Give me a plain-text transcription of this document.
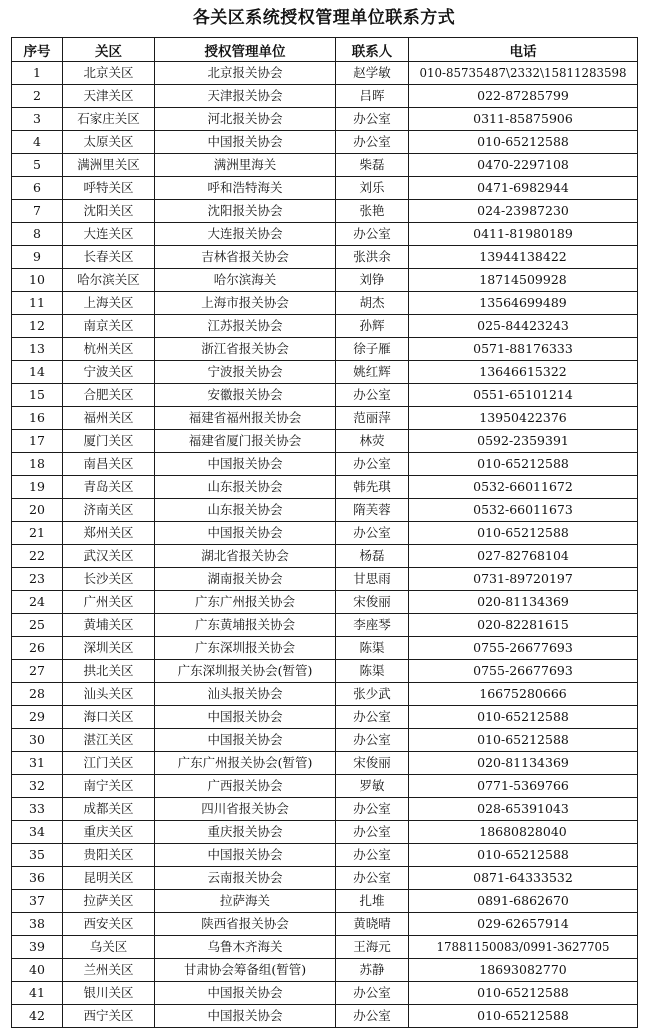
各关区系统授权管理单位联系方式
序号	关区	授权管理单位	联系人	电话
1	北京关区	北京报关协会	赵学敏	010-85735487\2332\15811283598
2	天津关区	天津报关协会	吕晖	022-87285799
3	石家庄关区	河北报关协会	办公室	0311-85875906
4	太原关区	中国报关协会	办公室	010-65212588
5	满洲里关区	满洲里海关	柴磊	0470-2297108
6	呼特关区	呼和浩特海关	刘乐	0471-6982944
7	沈阳关区	沈阳报关协会	张艳	024-23987230
8	大连关区	大连报关协会	办公室	0411-81980189
9	长春关区	吉林省报关协会	张洪余	13944138422
10	哈尔滨关区	哈尔滨海关	刘铮	18714509928
11	上海关区	上海市报关协会	胡杰	13564699489
12	南京关区	江苏报关协会	孙辉	025-84423243
13	杭州关区	浙江省报关协会	徐子雁	0571-88176333
14	宁波关区	宁波报关协会	姚红辉	13646615322
15	合肥关区	安徽报关协会	办公室	0551-65101214
16	福州关区	福建省福州报关协会	范丽萍	13950422376
17	厦门关区	福建省厦门报关协会	林荧	0592-2359391
18	南昌关区	中国报关协会	办公室	010-65212588
19	青岛关区	山东报关协会	韩先琪	0532-66011672
20	济南关区	山东报关协会	隋芙蓉	0532-66011673
21	郑州关区	中国报关协会	办公室	010-65212588
22	武汉关区	湖北省报关协会	杨磊	027-82768104
23	长沙关区	湖南报关协会	甘思雨	0731-89720197
24	广州关区	广东广州报关协会	宋俊丽	020-81134369
25	黄埔关区	广东黄埔报关协会	李座琴	020-82281615
26	深圳关区	广东深圳报关协会	陈渠	0755-26677693
27	拱北关区	广东深圳报关协会(暂管)	陈渠	0755-26677693
28	汕头关区	汕头报关协会	张少武	16675280666
29	海口关区	中国报关协会	办公室	010-65212588
30	湛江关区	中国报关协会	办公室	010-65212588
31	江门关区	广东广州报关协会(暂管)	宋俊丽	020-81134369
32	南宁关区	广西报关协会	罗敏	0771-5369766
33	成都关区	四川省报关协会	办公室	028-65391043
34	重庆关区	重庆报关协会	办公室	18680828040
35	贵阳关区	中国报关协会	办公室	010-65212588
36	昆明关区	云南报关协会	办公室	0871-64333532
37	拉萨关区	拉萨海关	扎堆	0891-6862670
38	西安关区	陕西省报关协会	黄晓晴	029-62657914
39	乌关区	乌鲁木齐海关	王海元	17881150083/0991-3627705
40	兰州关区	甘肃协会筹备组(暂管)	苏静	18693082770
41	银川关区	中国报关协会	办公室	010-65212588
42	西宁关区	中国报关协会	办公室	010-65212588
